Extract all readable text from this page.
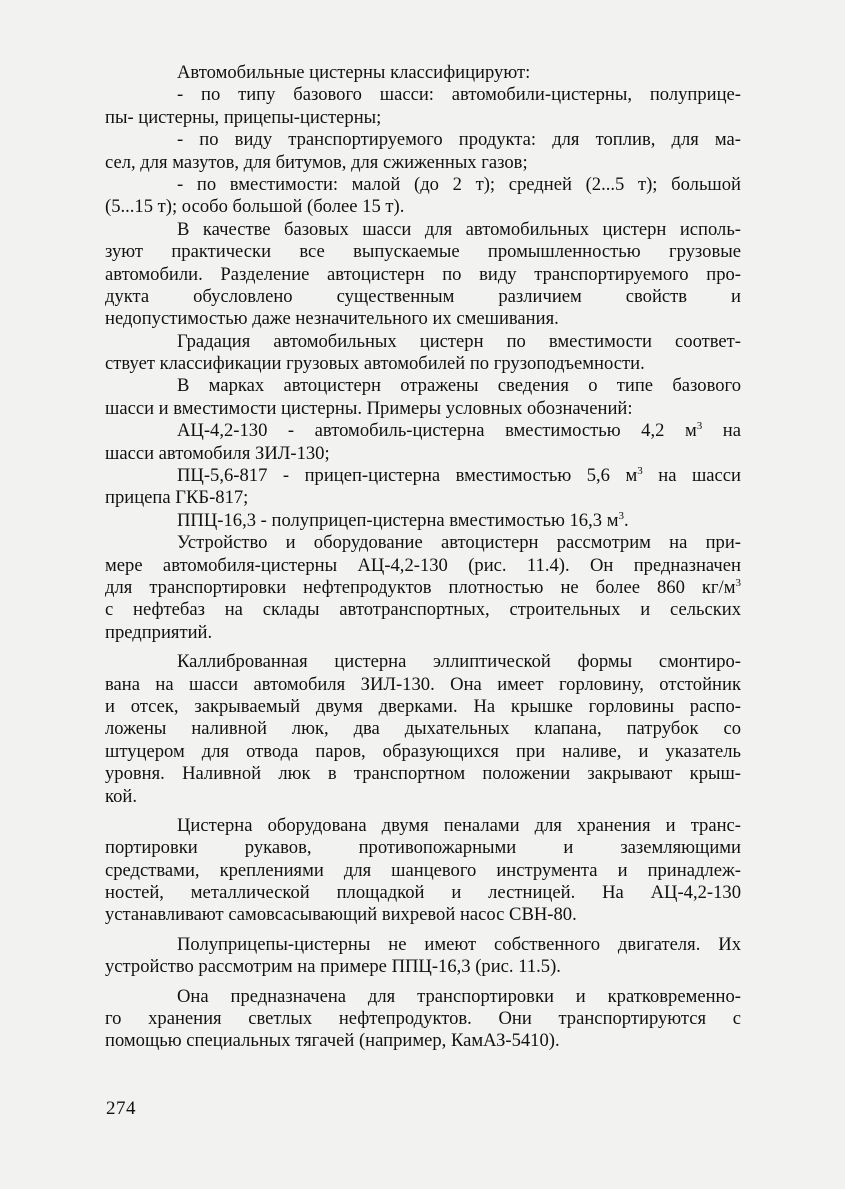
Автомобильные цистерны классифицируют:
- по типу базового шасси: автомобили-цистерны, полуприце-
пы- цистерны, прицепы-цистерны;
- по виду транспортируемого продукта: для топлив, для ма-
сел, для мазутов, для битумов, для сжиженных газов;
- по вместимости: малой (до 2 т); средней (2...5 т); большой
(5...15 т); особо большой (более 15 т).
В качестве базовых шасси для автомобильных цистерн исполь-
зуют практически все выпускаемые промышленностью грузовые
автомобили. Разделение автоцистерн по виду транспортируемого про-
дукта обусловлено существенным различием свойств и
недопустимостью даже незначительного их смешивания.
Градация автомобильных цистерн по вместимости соответ-
ствует классификации грузовых автомобилей по грузоподъемности.
В марках автоцистерн отражены сведения о типе базового
шасси и вместимости цистерны. Примеры условных обозначений:
АЦ-4,2-130 - автомобиль-цистерна вместимостью 4,2 $м^3$ на
шасси автомобиля ЗИЛ-130;
ПЦ-5,6-817 - прицеп-цистерна вместимостью 5,6 $м^3$ на шасси
прицепа ГКБ-817;
ППЦ-16,3 - полуприцеп-цистерна вместимостью 16,3 $м^3$.
Устройство и оборудование автоцистерн рассмотрим на при-
мере автомобиля-цистерны АЦ-4,2-130 (рис. 11.4). Он предназначен
для транспортировки нефтепродуктов плотностью не более 860 $кг/м^3$
с нефтебаз на склады автотранспортных, строительных и сельских
предприятий.
Каллиброванная цистерна эллиптической формы смонтиро-
вана на шасси автомобиля ЗИЛ-130. Она имеет горловину, отстойник
и отсек, закрываемый двумя дверками. На крышке горловины распо-
ложены наливной люк, два дыхательных клапана, патрубок со
штуцером для отвода паров, образующихся при наливе, и указатель
уровня. Наливной люк в транспортном положении закрывают крыш-
кой.
Цистерна оборудована двумя пеналами для хранения и транс-
портировки рукавов, противопожарными и заземляющими
средствами, креплениями для шанцевого инструмента и принадлеж-
ностей, металлической площадкой и лестницей. На АЦ-4,2-130
устанавливают самовсасывающий вихревой насос СВН-80.
Полуприцепы-цистерны не имеют собственного двигателя. Их
устройство рассмотрим на примере ППЦ-16,3 (рис. 11.5).
Она предназначена для транспортировки и кратковременно-
го хранения светлых нефтепродуктов. Они транспортируются с
помощью специальных тягачей (например, КамАЗ-5410).
274
